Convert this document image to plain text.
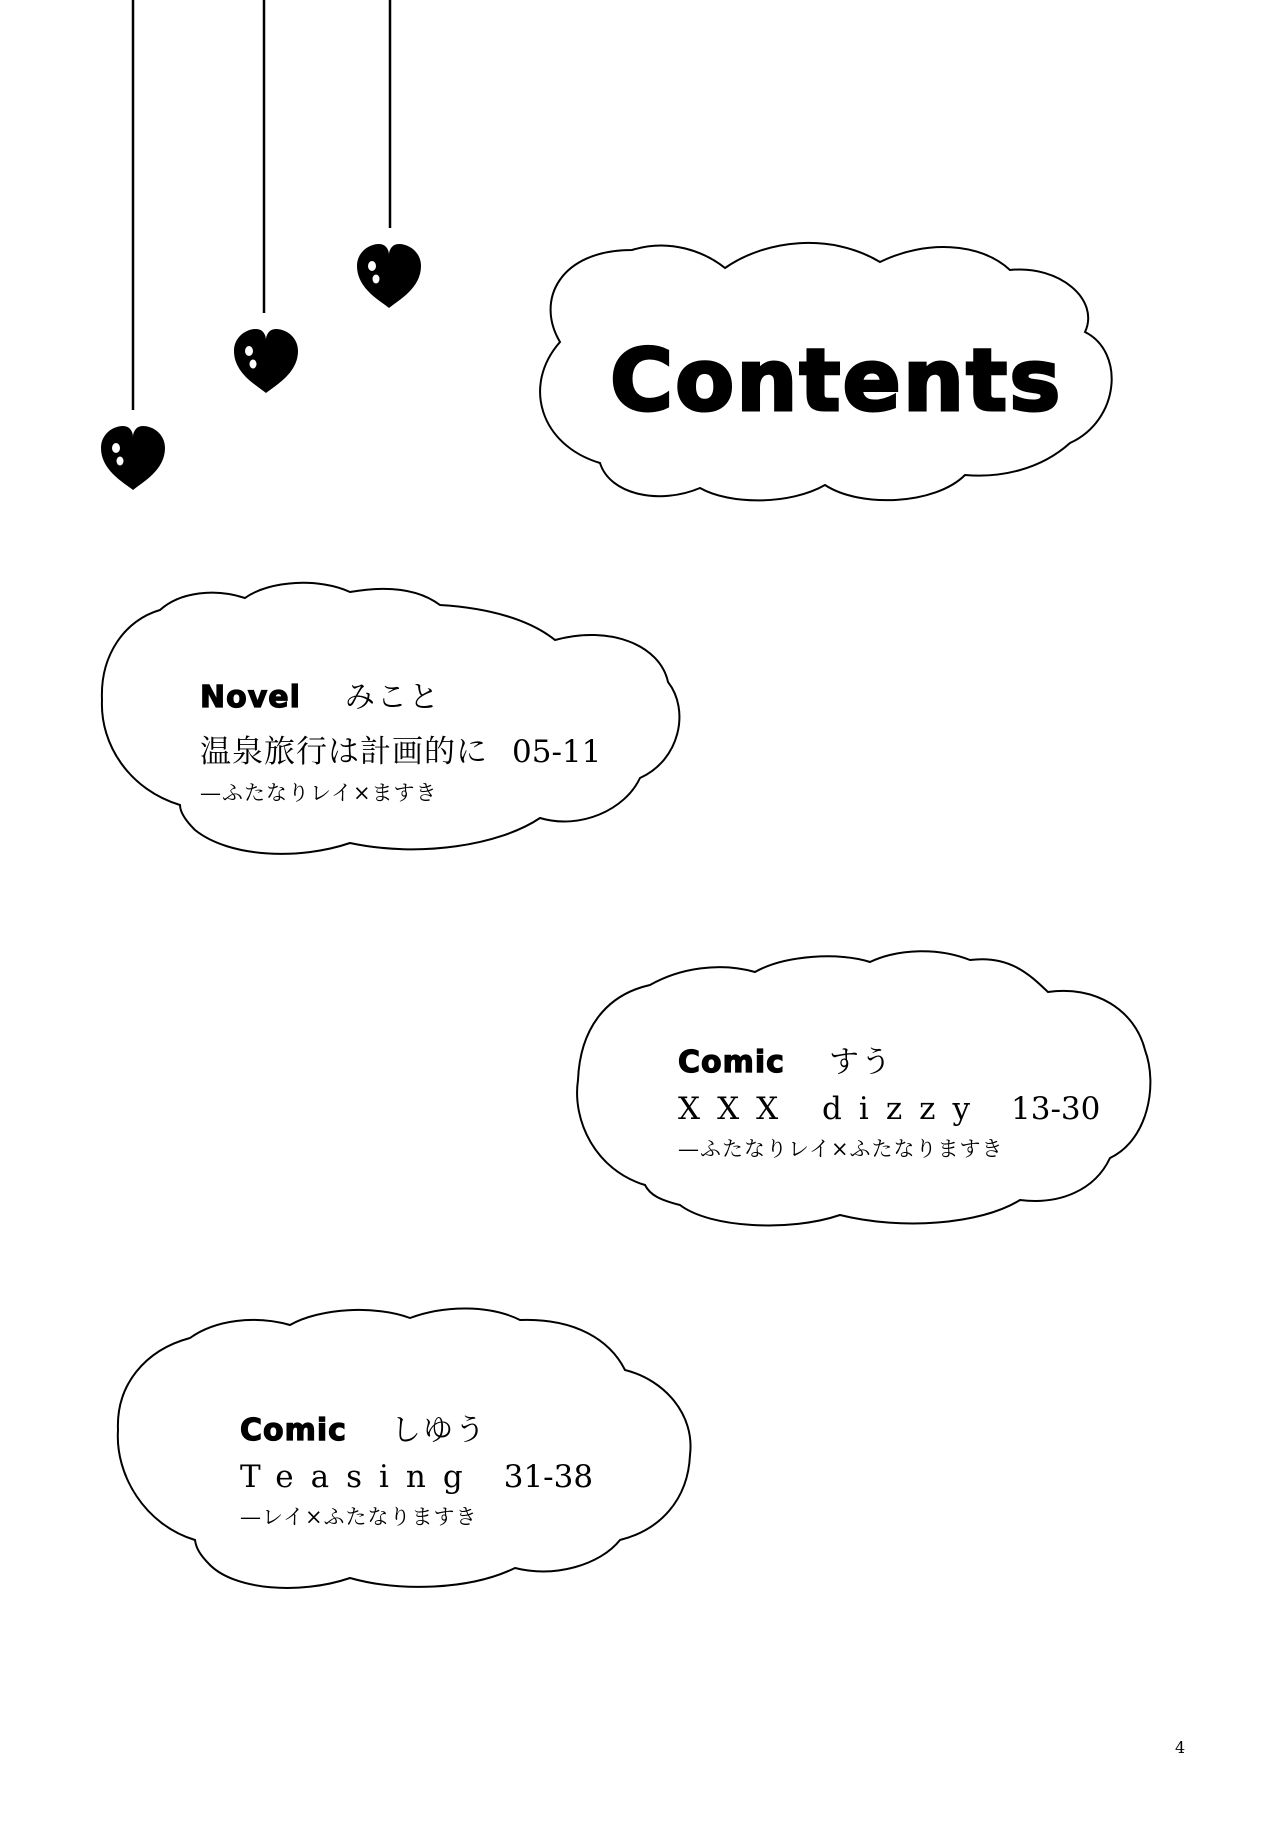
Contents
Novel みこと
温泉旅行は計画的に 05-11
—ふたなりレイ×ますき
Comic すう
XXX dizzy 13-30
—ふたなりレイ×ふたなりますき
Comic しゆう
Teasing 31-38
—レイ×ふたなりますき
4
